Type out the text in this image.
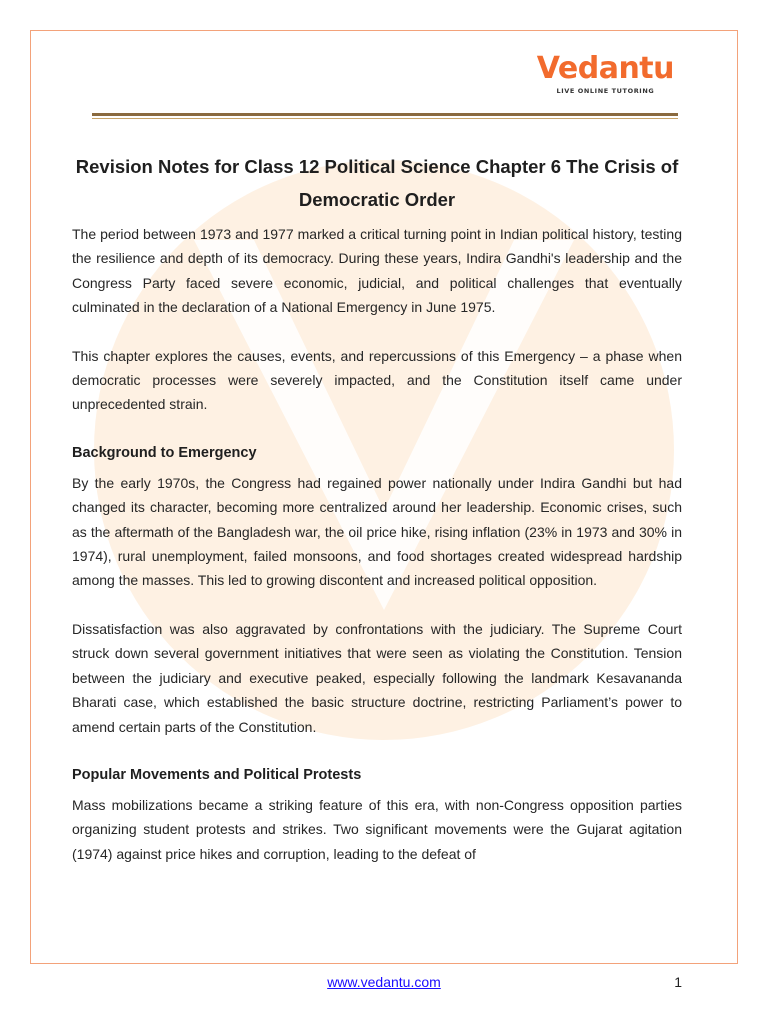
Vedantu
LIVE ONLINE TUTORING
Revision Notes for Class 12 Political Science Chapter 6 The Crisis of Democratic Order

The period between 1973 and 1977 marked a critical turning point in Indian political history, testing the resilience and depth of its democracy. During these years, Indira Gandhi's leadership and the Congress Party faced severe economic, judicial, and political challenges that eventually culminated in the declaration of a National Emergency in June 1975.

This chapter explores the causes, events, and repercussions of this Emergency – a phase when democratic processes were severely impacted, and the Constitution itself came under unprecedented strain.

Background to Emergency

By the early 1970s, the Congress had regained power nationally under Indira Gandhi but had changed its character, becoming more centralized around her leadership. Economic crises, such as the aftermath of the Bangladesh war, the oil price hike, rising inflation (23% in 1973 and 30% in 1974), rural unemployment, failed monsoons, and food shortages created widespread hardship among the masses. This led to growing discontent and increased political opposition.

Dissatisfaction was also aggravated by confrontations with the judiciary. The Supreme Court struck down several government initiatives that were seen as violating the Constitution. Tension between the judiciary and executive peaked, especially following the landmark Kesavananda Bharati case, which established the basic structure doctrine, restricting Parliament’s power to amend certain parts of the Constitution.

Popular Movements and Political Protests

Mass mobilizations became a striking feature of this era, with non-Congress opposition parties organizing student protests and strikes. Two significant movements were the Gujarat agitation (1974) against price hikes and corruption, leading to the defeat of

www.vedantu.com	1
